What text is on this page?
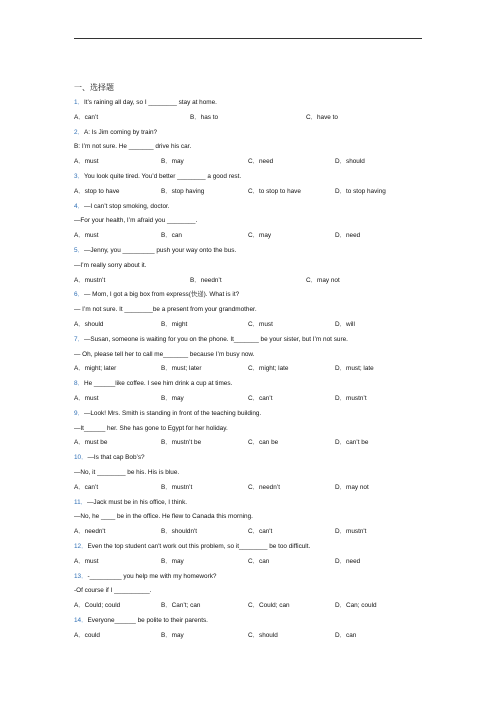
一、选择题
1．It’s raining all day, so I ________ stay at home.
A．can’t	B．has to	C．have to
2．A: Is Jim coming by train?
B: I’m not sure. He _______ drive his car.
A．must	B．may	C．need	D．should
3．You look quite tired. You’d better ________ a good rest.
A．stop to have	B．stop having	C．to stop to have	D．to stop having
4．—I can’t stop smoking, doctor.
—For your health, I’m afraid you ________.
A．must	B．can	C．may	D．need
5．—Jenny, you _________ push your way onto the bus.
—I’m really sorry about it.
A．mustn’t	B．needn’t	C．may not
6．— Mom, I got a big box from express(快递). What is it?
— I’m not sure. It ________be a present from your grandmother.
A．should	B．might	C．must	D．will
7．—Susan, someone is waiting for you on the phone. It_______ be your sister, but I’m not sure.
— Oh, please tell her to call me_______ because I’m busy now.
A．might; later	B．must; later	C．might; late	D．must; late
8．He ______like coffee. I see him drink a cup at times.
A．must	B．may	C．can’t	D．mustn’t
9．—Look! Mrs. Smith is standing in front of the teaching building.
—It______ her. She has gone to Egypt for her holiday.
A．must be	B．mustn’t be	C．can be	D．can’t be
10．—Is that cap Bob’s?
—No, it ________ be his. His is blue.
A．can’t	B．mustn’t	C．needn’t	D．may not
11．—Jack must be in his office, I think.
—No, he ____ be in the office. He flew to Canada this morning.
A．needn't	B．shouldn't	C．can't	D．mustn't
12．Even the top student can't work out this problem, so it________ be too difficult.
A．must	B．may	C．can	D．need
13．-_________ you help me with my homework?
-Of course if I __________.
A．Could; could	B．Can’t; can	C．Could; can	D．Can; could
14．Everyone______ be polite to their parents.
A．could	B．may	C．should	D．can
